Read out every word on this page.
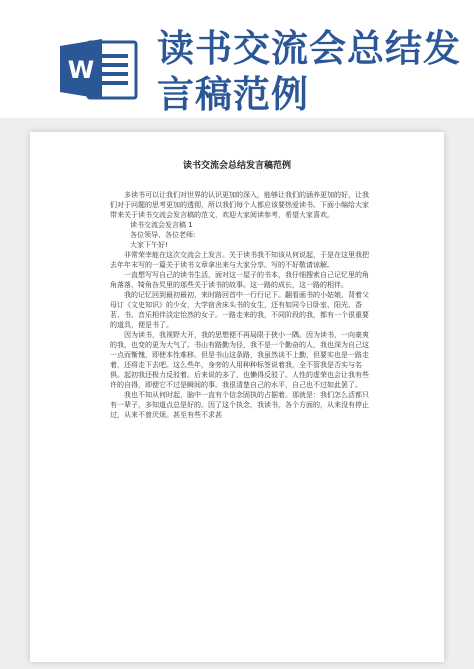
W 读书交流会总结发
言稿范例
读书交流会总结发言稿范例
多读书可以让我们对世界的认识更加的深入，能够让我们的涵养更加的好，让我们对于问题的思考更加的透彻，所以我们每个人都应该要热爱读书。下面小编给大家带来关于读书交流会发言稿的范文，欢迎大家阅读参考，希望大家喜欢。
读书交流会发言稿 1
各位领导、各位老师:
大家下午好!
非常荣幸能在这次交流会上发言。关于读书我不知该从何说起，于是在这里我把去年年末写的一篇关于读书文章拿出来与大家分享。写的不好敬请谅解。
一直想写写自己的读书生活，面对这一屋子的书本，我仔细搜索自己记忆里的角角落落，犄角旮旯里的那些关于读书的故事。这一路的成长，这一路的相伴。
我的记忆回到最初最初，来时路回首中一行行记下。翻看画书的小姑娘，背着父母订《文史知识》的少女，大学宿舍床头书的女生，还有如同今日卧室、阳光、香茗、书、音乐相伴淡定怡然的女子。一路走来的我，不同阶段的我，都有一个很重要的道具，便是书了。
因为读书，我视野大开，我的思想便不再局限于狭小一隅。因为读书，一向豪爽的我，也变的更为大气了。书山有路勤为径，我不是一个勤奋的人，我也深为自己这一点而惭愧，即使本性难移。但是书山这条路，我虽然谈不上勤，但要实也是一路走着，还将走下去吧。这么些年，身旁的人用种种标签说着我，全不管我是否实与名俱。起初我还极力反驳着。后来说的多了，也懒得反驳了。人性的虚荣也会让我有些许的自得，即便它不过是瞬间的事。我很清楚自己的水平，自己也不过如此罢了。
我也不知从何时起，脑中一直有个信念固执的占据着。那就是：我们怎么活都只有一辈子，多知道点总是好的。因了这个执念，我读书，各个方面的，从来没有停止过，从来不曾厌烦。甚至有些不求甚
